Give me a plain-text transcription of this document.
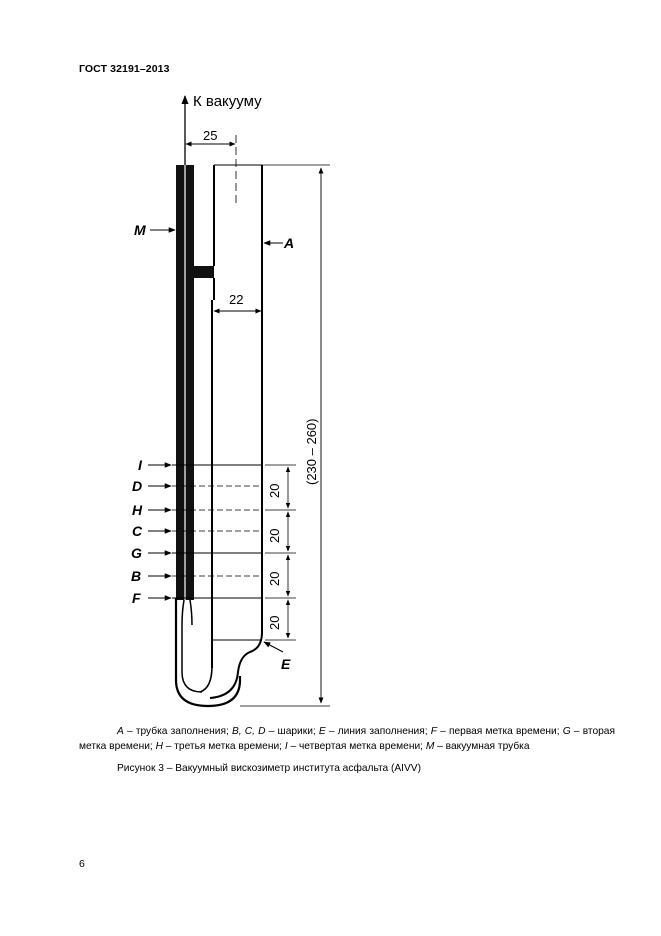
ГОСТ 32191–2013
К вакууму
25
22
20
20
20
20
(230 – 260)
M
A
I
D
H
C
G
B
F
E
A – трубка заполнения; B, C, D – шарики; E – линия заполнения; F – первая метка времени; G – вторая метка времени; H – третья метка времени; I – четвертая метка времени; M – вакуумная трубка
Рисунок 3 – Вакуумный вискозиметр института асфальта (AIVV)
6
